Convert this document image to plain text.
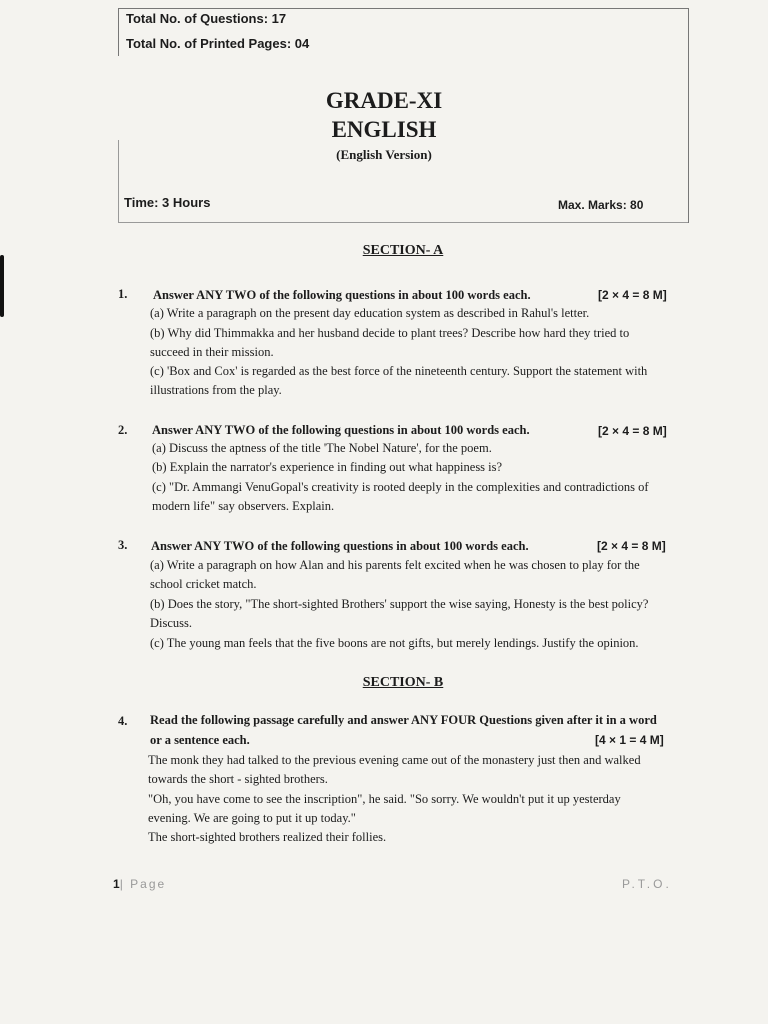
Total No. of Questions: 17
Total No. of Printed Pages: 04
GRADE-XI
ENGLISH
(English Version)
Time: 3 Hours	Max. Marks: 80
SECTION- A
1. Answer ANY TWO of the following questions in about 100 words each.	[2 × 4 = 8 M]
(a) Write a paragraph on the present day education system as described in Rahul's letter.
(b) Why did Thimmakka and her husband decide to plant trees? Describe how hard they tried to
succeed in their mission.
(c) 'Box and Cox' is regarded as the best force of the nineteenth century. Support the statement with
illustrations from the play.
2. Answer ANY TWO of the following questions in about 100 words each.	[2 × 4 = 8 M]
(a) Discuss the aptness of the title 'The Nobel Nature', for the poem.
(b) Explain the narrator's experience in finding out what happiness is?
(c) "Dr. Ammangi VenuGopal's creativity is rooted deeply in the complexities and contradictions of
modern life" say observers. Explain.
3. Answer ANY TWO of the following questions in about 100 words each.	[2 × 4 = 8 M]
(a) Write a paragraph on how Alan and his parents felt excited when he was chosen to play for the
school cricket match.
(b) Does the story, "The short-sighted Brothers' support the wise saying, Honesty is the best policy?
Discuss.
(c) The young man feels that the five boons are not gifts, but merely lendings. Justify the opinion.
SECTION- B
4. Read the following passage carefully and answer ANY FOUR Questions given after it in a word
or a sentence each.	[4 × 1 = 4 M]
The monk they had talked to the previous evening came out of the monastery just then and walked
towards the short - sighted brothers.
"Oh, you have come to see the inscription", he said. "So sorry. We wouldn't put it up yesterday
evening. We are going to put it up today."
The short-sighted brothers realized their follies.
1| Page	P.T.O.
